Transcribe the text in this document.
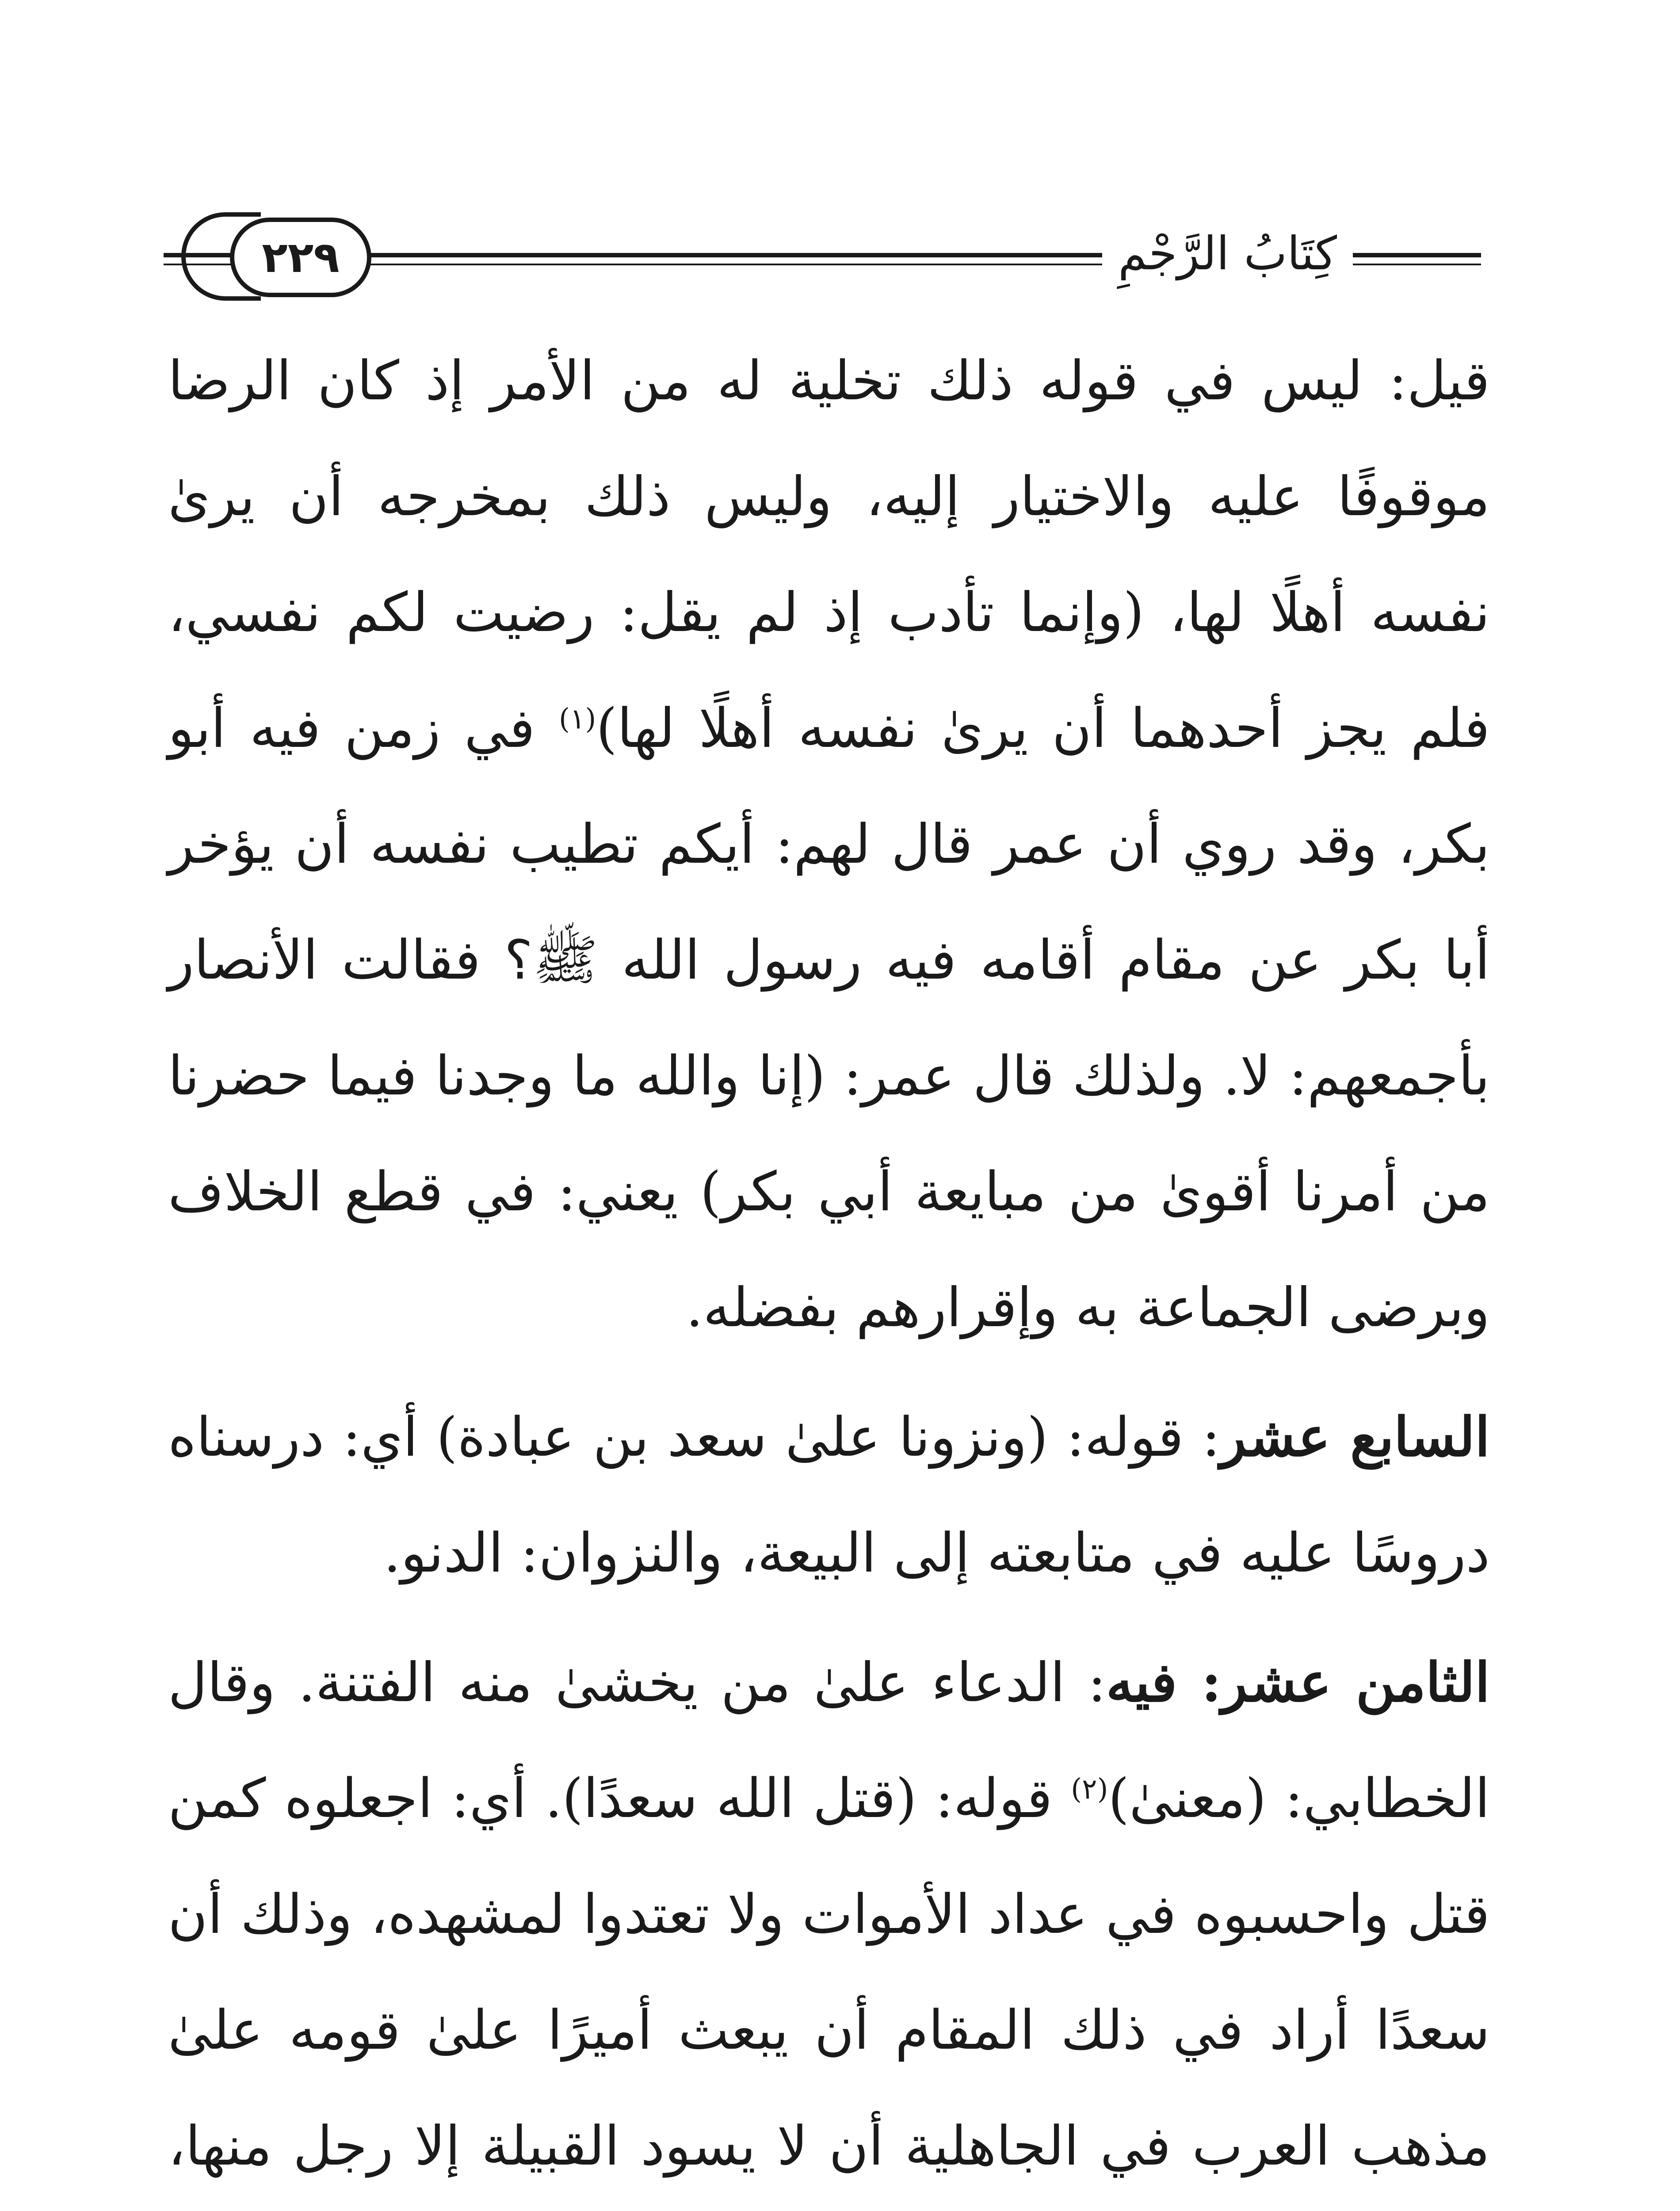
٢٢٩	كِتَابُ الرَّجْمِ

قيل: ليس في قوله ذلك تخلية له من الأمر إذ كان الرضا موقوفًا عليه والاختيار إليه، وليس ذلك بمخرجه أن يرىٰ نفسه أهلًا لها، (وإنما تأدب إذ لم يقل: رضيت لكم نفسي، فلم يجز أحدهما أن يرىٰ نفسه أهلًا لها)$^{(١)}$ في زمن فيه أبو بكر، وقد روي أن عمر قال لهم: أيكم تطيب نفسه أن يؤخر أبا بكر عن مقام أقامه فيه رسول الله ﷺ؟ فقالت الأنصار بأجمعهم: لا. ولذلك قال عمر: (إنا والله ما وجدنا فيما حضرنا من أمرنا أقوىٰ من مبايعة أبي بكر) يعني: في قطع الخلاف وبرضى الجماعة به وإقرارهم بفضله.

السابع عشر: قوله: (ونزونا علىٰ سعد بن عبادة) أي: درسناه دروسًا عليه في متابعته إلى البيعة، والنزوان: الدنو.

الثامن عشر: فيه: الدعاء علىٰ من يخشىٰ منه الفتنة. وقال الخطابي: (معنىٰ)$^{(٢)}$ قوله: (قتل الله سعدًا). أي: اجعلوه كمن قتل واحسبوه في عداد الأموات ولا تعتدوا لمشهده، وذلك أن سعدًا أراد في ذلك المقام أن يبعث أميرًا علىٰ قومه علىٰ مذهب العرب في الجاهلية أن لا يسود القبيلة إلا رجل منها،
